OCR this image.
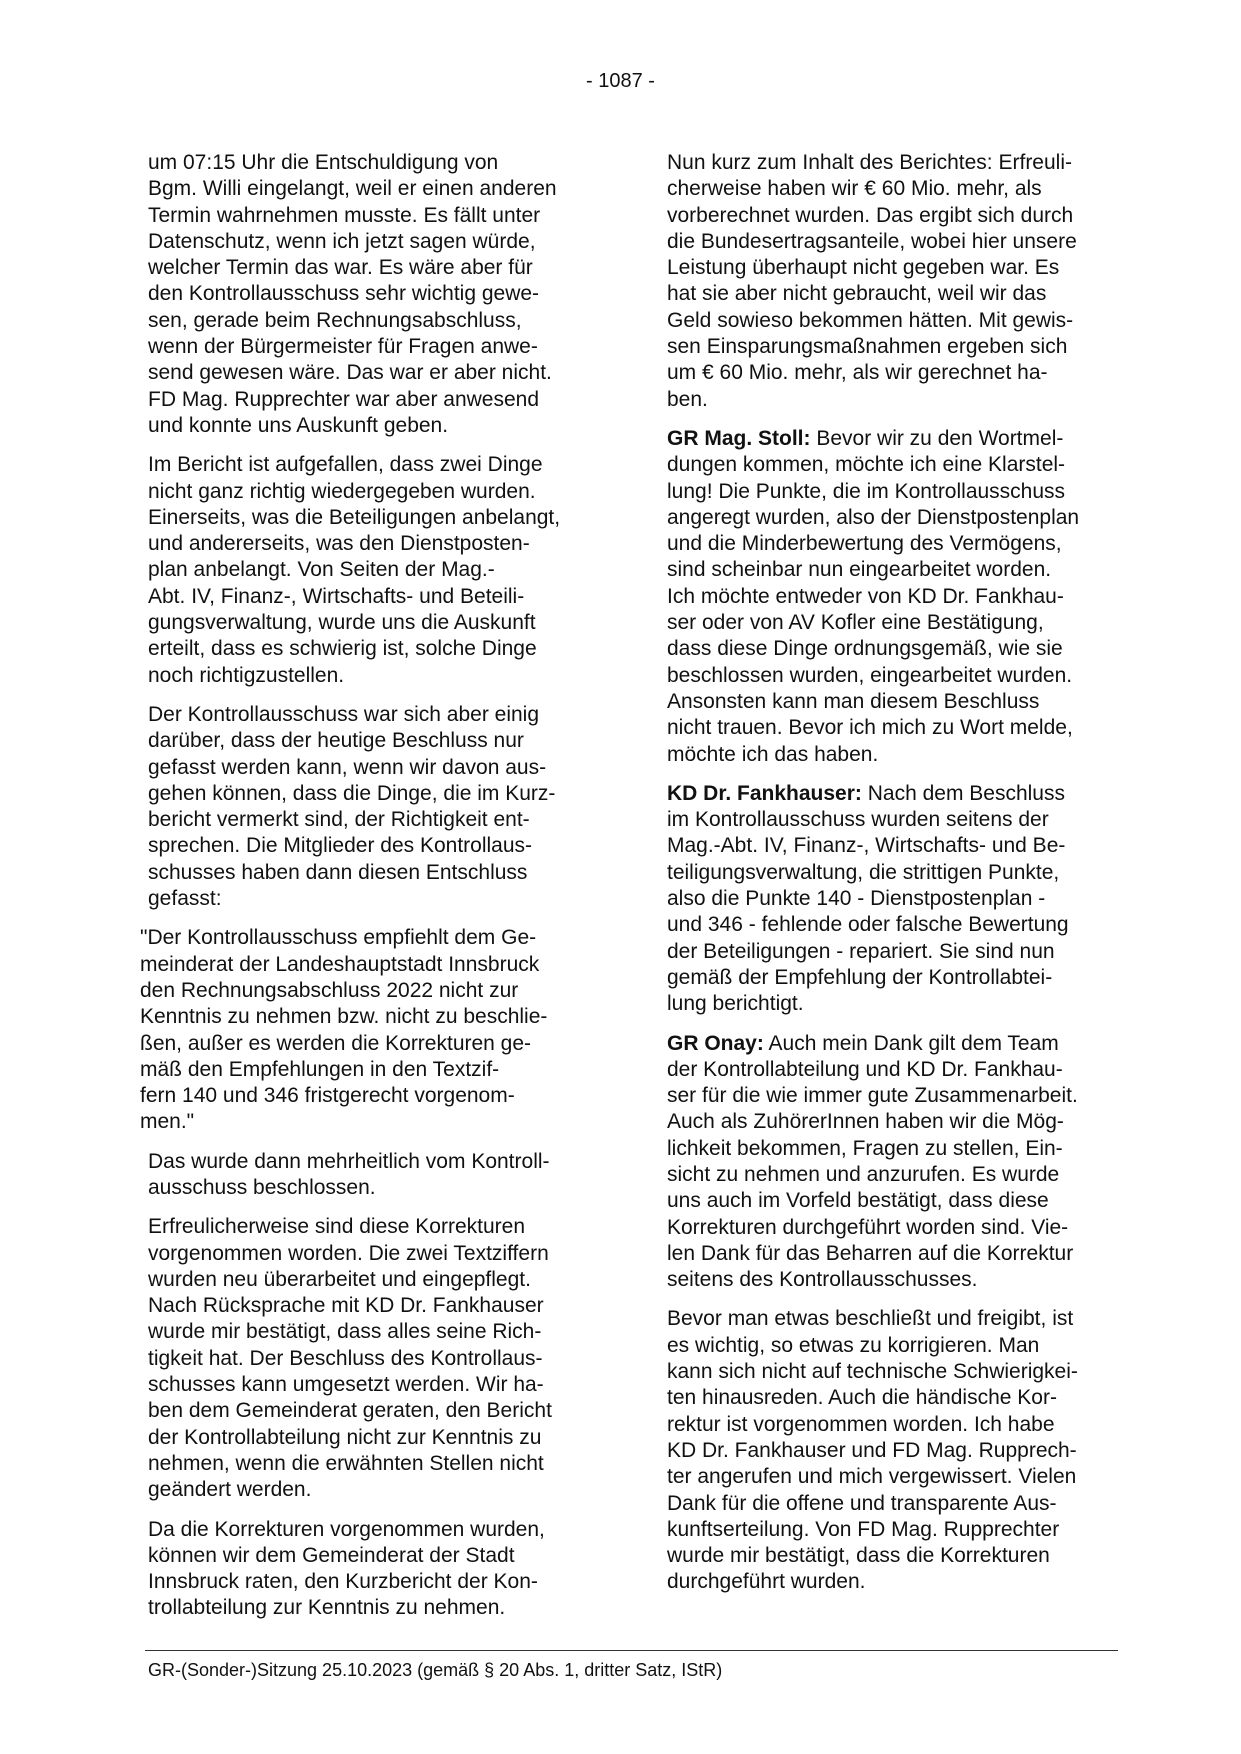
- 1087 -

um 07:15 Uhr die Entschuldigung von
Bgm. Willi eingelangt, weil er einen anderen
Termin wahrnehmen musste. Es fällt unter
Datenschutz, wenn ich jetzt sagen würde,
welcher Termin das war. Es wäre aber für
den Kontrollausschuss sehr wichtig gewe-
sen, gerade beim Rechnungsabschluss,
wenn der Bürgermeister für Fragen anwe-
send gewesen wäre. Das war er aber nicht.
FD Mag. Rupprechter war aber anwesend
und konnte uns Auskunft geben.

Im Bericht ist aufgefallen, dass zwei Dinge
nicht ganz richtig wiedergegeben wurden.
Einerseits, was die Beteiligungen anbelangt,
und andererseits, was den Dienstposten-
plan anbelangt. Von Seiten der Mag.-
Abt. IV, Finanz-, Wirtschafts- und Beteili-
gungsverwaltung, wurde uns die Auskunft
erteilt, dass es schwierig ist, solche Dinge
noch richtigzustellen.

Der Kontrollausschuss war sich aber einig
darüber, dass der heutige Beschluss nur
gefasst werden kann, wenn wir davon aus-
gehen können, dass die Dinge, die im Kurz-
bericht vermerkt sind, der Richtigkeit ent-
sprechen. Die Mitglieder des Kontrollaus-
schusses haben dann diesen Entschluss
gefasst:

"Der Kontrollausschuss empfiehlt dem Ge-
meinderat der Landeshauptstadt Innsbruck
den Rechnungsabschluss 2022 nicht zur
Kenntnis zu nehmen bzw. nicht zu beschlie-
ßen, außer es werden die Korrekturen ge-
mäß den Empfehlungen in den Textzif-
fern 140 und 346 fristgerecht vorgenom-
men."

Das wurde dann mehrheitlich vom Kontroll-
ausschuss beschlossen.

Erfreulicherweise sind diese Korrekturen
vorgenommen worden. Die zwei Textziffern
wurden neu überarbeitet und eingepflegt.
Nach Rücksprache mit KD Dr. Fankhauser
wurde mir bestätigt, dass alles seine Rich-
tigkeit hat. Der Beschluss des Kontrollaus-
schusses kann umgesetzt werden. Wir ha-
ben dem Gemeinderat geraten, den Bericht
der Kontrollabteilung nicht zur Kenntnis zu
nehmen, wenn die erwähnten Stellen nicht
geändert werden.

Da die Korrekturen vorgenommen wurden,
können wir dem Gemeinderat der Stadt
Innsbruck raten, den Kurzbericht der Kon-
trollabteilung zur Kenntnis zu nehmen.

Nun kurz zum Inhalt des Berichtes: Erfreuli-
cherweise haben wir € 60 Mio. mehr, als
vorberechnet wurden. Das ergibt sich durch
die Bundesertragsanteile, wobei hier unsere
Leistung überhaupt nicht gegeben war. Es
hat sie aber nicht gebraucht, weil wir das
Geld sowieso bekommen hätten. Mit gewis-
sen Einsparungsmaßnahmen ergeben sich
um € 60 Mio. mehr, als wir gerechnet ha-
ben.

GR Mag. Stoll: Bevor wir zu den Wortmel-
dungen kommen, möchte ich eine Klarstel-
lung! Die Punkte, die im Kontrollausschuss
angeregt wurden, also der Dienstpostenplan
und die Minderbewertung des Vermögens,
sind scheinbar nun eingearbeitet worden.
Ich möchte entweder von KD Dr. Fankhau-
ser oder von AV Kofler eine Bestätigung,
dass diese Dinge ordnungsgemäß, wie sie
beschlossen wurden, eingearbeitet wurden.
Ansonsten kann man diesem Beschluss
nicht trauen. Bevor ich mich zu Wort melde,
möchte ich das haben.

KD Dr. Fankhauser: Nach dem Beschluss
im Kontrollausschuss wurden seitens der
Mag.-Abt. IV, Finanz-, Wirtschafts- und Be-
teiligungsverwaltung, die strittigen Punkte,
also die Punkte 140 - Dienstpostenplan -
und 346 - fehlende oder falsche Bewertung
der Beteiligungen - repariert. Sie sind nun
gemäß der Empfehlung der Kontrollabtei-
lung berichtigt.

GR Onay: Auch mein Dank gilt dem Team
der Kontrollabteilung und KD Dr. Fankhau-
ser für die wie immer gute Zusammenarbeit.
Auch als ZuhörerInnen haben wir die Mög-
lichkeit bekommen, Fragen zu stellen, Ein-
sicht zu nehmen und anzurufen. Es wurde
uns auch im Vorfeld bestätigt, dass diese
Korrekturen durchgeführt worden sind. Vie-
len Dank für das Beharren auf die Korrektur
seitens des Kontrollausschusses.

Bevor man etwas beschließt und freigibt, ist
es wichtig, so etwas zu korrigieren. Man
kann sich nicht auf technische Schwierigkei-
ten hinausreden. Auch die händische Kor-
rektur ist vorgenommen worden. Ich habe
KD Dr. Fankhauser und FD Mag. Rupprech-
ter angerufen und mich vergewissert. Vielen
Dank für die offene und transparente Aus-
kunftserteilung. Von FD Mag. Rupprechter
wurde mir bestätigt, dass die Korrekturen
durchgeführt wurden.

GR-(Sonder-)Sitzung 25.10.2023 (gemäß § 20 Abs. 1, dritter Satz, IStR)
